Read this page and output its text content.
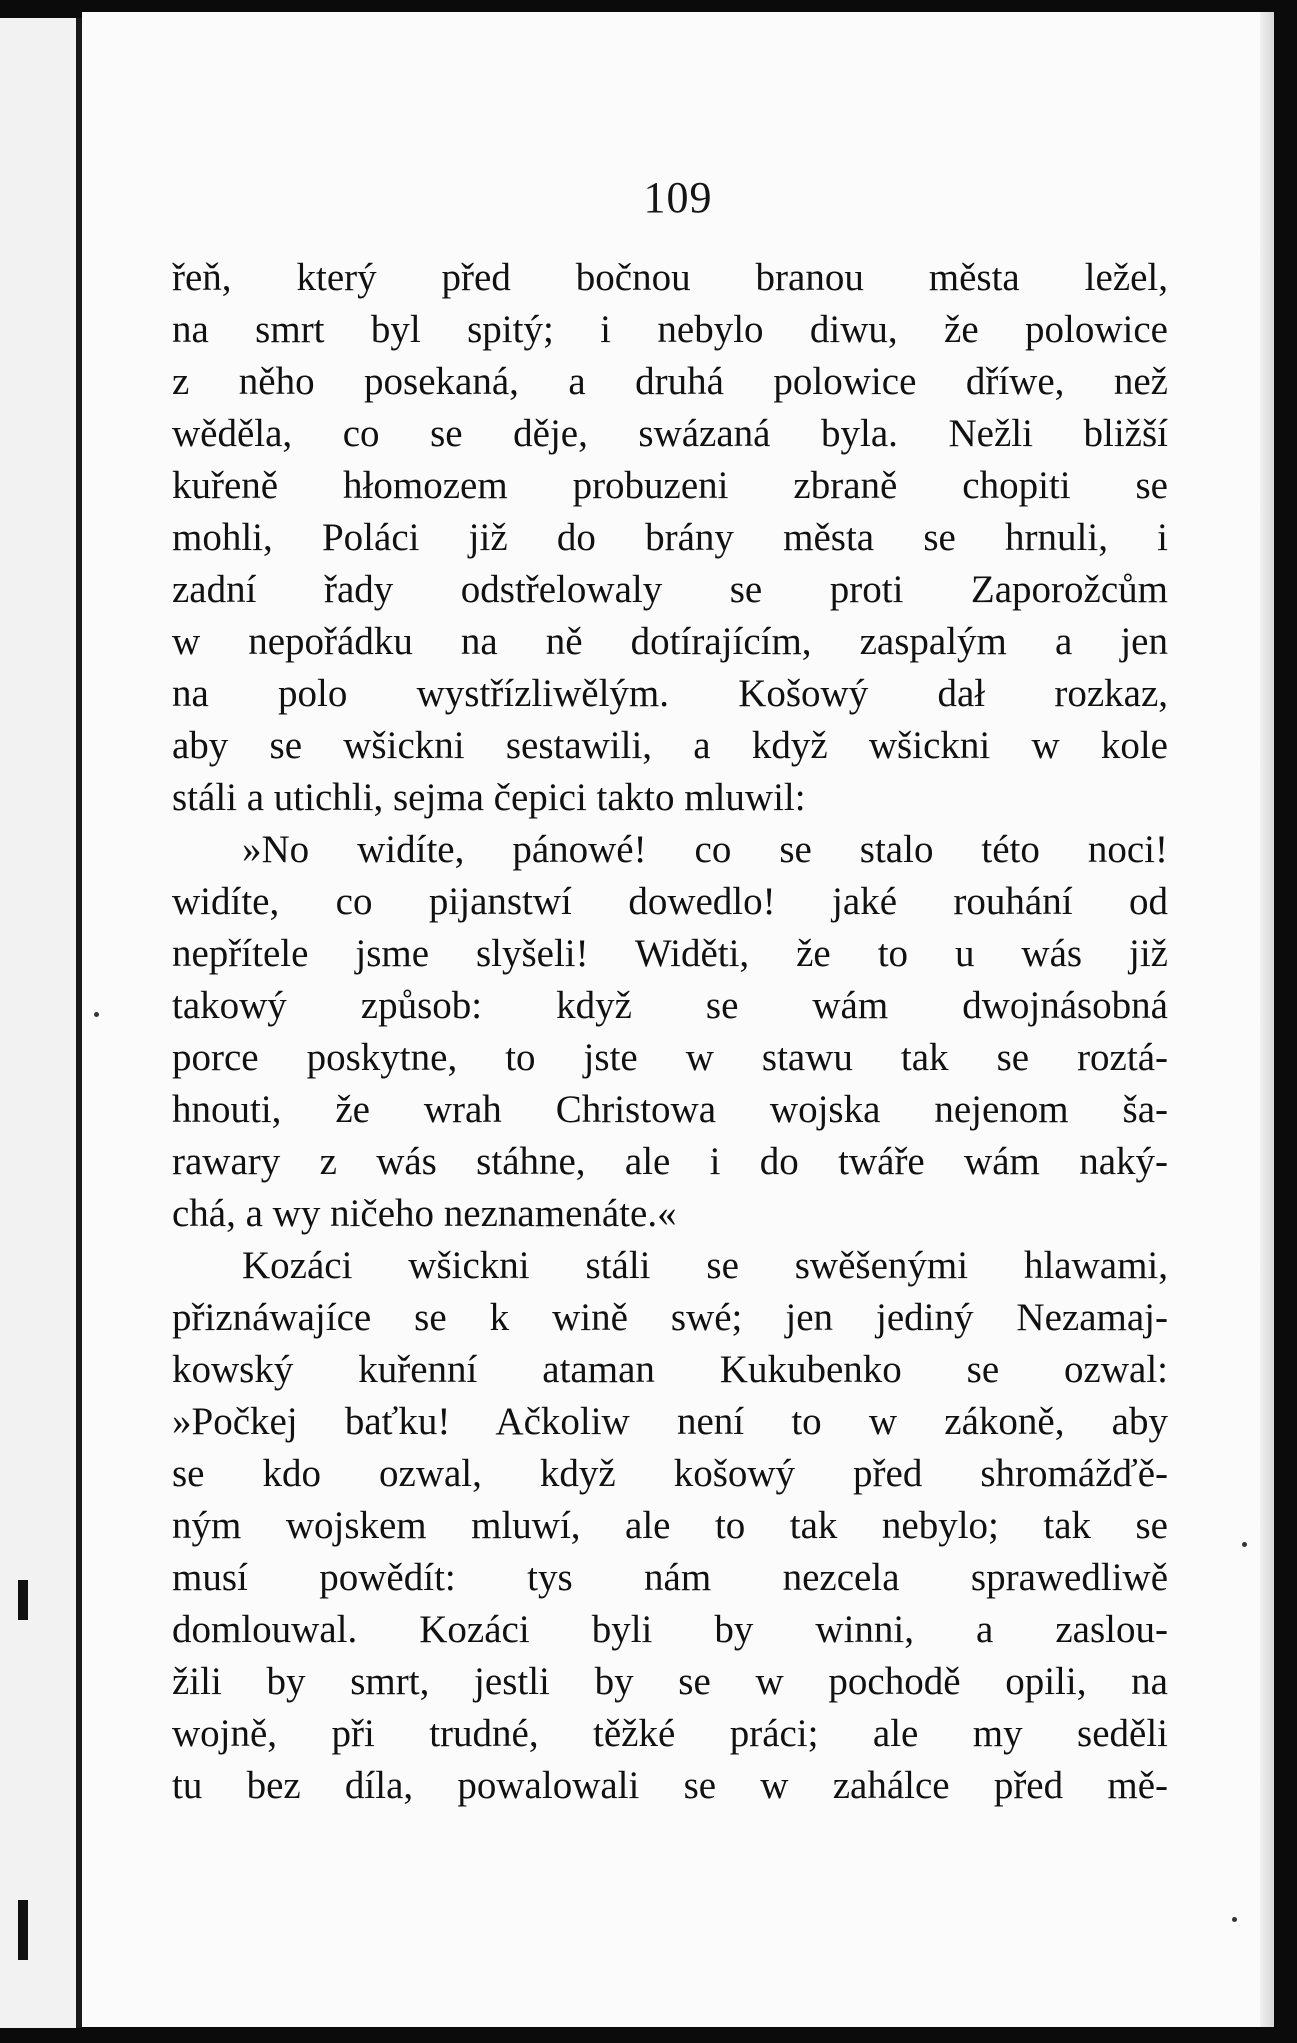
109
řeň, který před bočnou branou města ležel,
na smrt byl spitý; i nebylo diwu, že polowice
z něho posekaná, a druhá polowice dříwe, než
wěděla, co se děje, swázaná byla. Nežli bližší
kuřeně hłomozem probuzeni zbraně chopiti se
mohli, Poláci již do brány města se hrnuli, i
zadní řady odstřelowaly se proti Zaporožcům
w nepořádku na ně dotírajícím, zaspalým a jen
na polo wystřízliwělým. Košowý dał rozkaz,
aby se wšickni sestawili, a když wšickni w kole
stáli a utichli, sejma čepici takto mluwil:
»No widíte, pánowé! co se stalo této noci!
widíte, co pijanstwí dowedlo! jaké rouhání od
nepřítele jsme slyšeli! Widěti, že to u wás již
takowý způsob: když se wám dwojnásobná
porce poskytne, to jste w stawu tak se roztá-
hnouti, že wrah Christowa wojska nejenom ša-
rawary z wás stáhne, ale i do twáře wám naký-
chá, a wy ničeho neznamenáte.«
Kozáci wšickni stáli se swěšenými hlawami,
přiznáwajíce se k wině swé; jen jediný Nezamaj-
kowský kuřenní ataman Kukubenko se ozwal:
»Počkej baťku! Ačkoliw není to w zákoně, aby
se kdo ozwal, když košowý před shromážďě-
ným wojskem mluwí, ale to tak nebylo; tak se
musí powědít: tys nám nezcela sprawedliwě
domlouwal. Kozáci byli by winni, a zaslou-
žili by smrt, jestli by se w pochodě opili, na
wojně, při trudné, těžké práci; ale my seděli
tu bez díla, powalowali se w zahálce před mě-
